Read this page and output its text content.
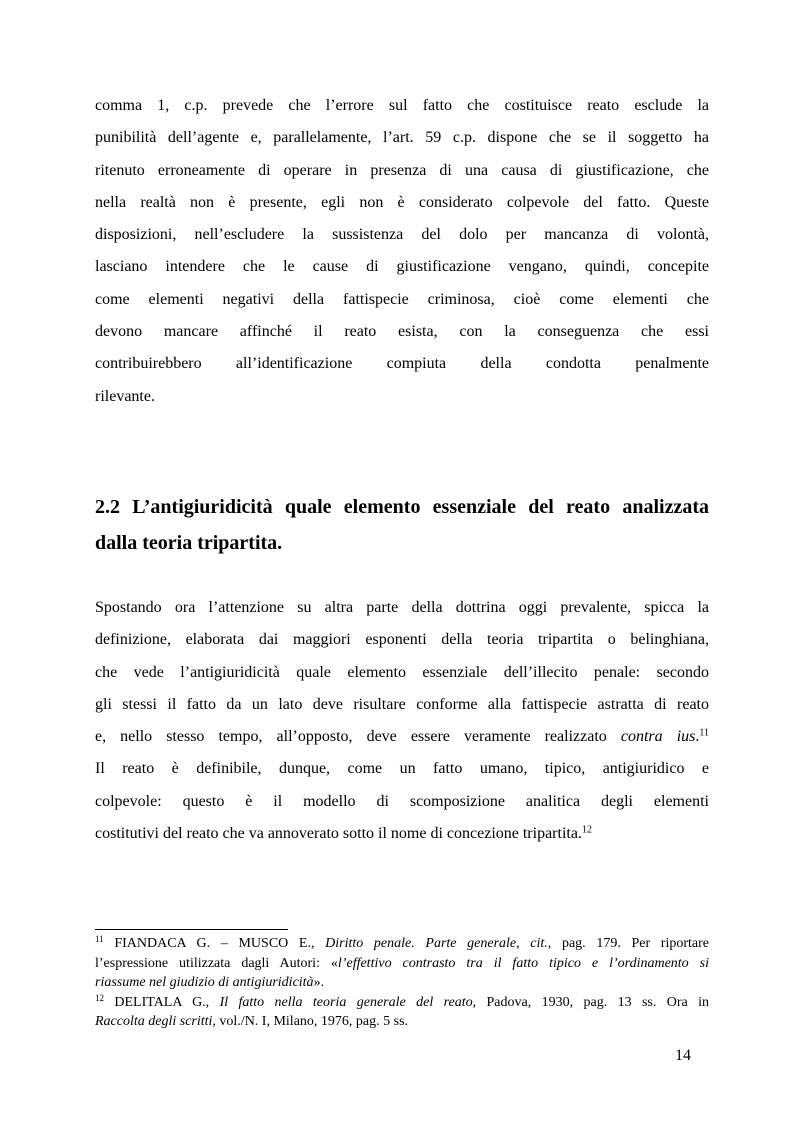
comma 1, c.p. prevede che l’errore sul fatto che costituisce reato esclude la
punibilità dell’agente e, parallelamente, l’art. 59 c.p. dispone che se il soggetto ha
ritenuto erroneamente di operare in presenza di una causa di giustificazione, che
nella realtà non è presente, egli non è considerato colpevole del fatto. Queste
disposizioni, nell’escludere la sussistenza del dolo per mancanza di volontà,
lasciano intendere che le cause di giustificazione vengano, quindi, concepite
come elementi negativi della fattispecie criminosa, cioè come elementi che
devono mancare affinché il reato esista, con la conseguenza che essi
contribuirebbero all’identificazione compiuta della condotta penalmente
rilevante.
2.2 L’antigiuridicità quale elemento essenziale del reato analizzata
dalla teoria tripartita.
Spostando ora l’attenzione su altra parte della dottrina oggi prevalente, spicca la
definizione, elaborata dai maggiori esponenti della teoria tripartita o belinghiana,
che vede l’antigiuridicità quale elemento essenziale dell’illecito penale: secondo
gli stessi il fatto da un lato deve risultare conforme alla fattispecie astratta di reato
e, nello stesso tempo, all’opposto, deve essere veramente realizzato contra ius.$^{11}$
Il reato è definibile, dunque, come un fatto umano, tipico, antigiuridico e
colpevole: questo è il modello di scomposizione analitica degli elementi
costitutivi del reato che va annoverato sotto il nome di concezione tripartita.$^{12}$
$^{11}$ FIANDACA G. – MUSCO E., Diritto penale. Parte generale, cit., pag. 179. Per riportare
l’espressione utilizzata dagli Autori: «l’effettivo contrasto tra il fatto tipico e l’ordinamento si
riassume nel giudizio di antigiuridicità».
$^{12}$ DELITALA G., Il fatto nella teoria generale del reato, Padova, 1930, pag. 13 ss. Ora in
Raccolta degli scritti, vol./N. I, Milano, 1976, pag. 5 ss.
14
